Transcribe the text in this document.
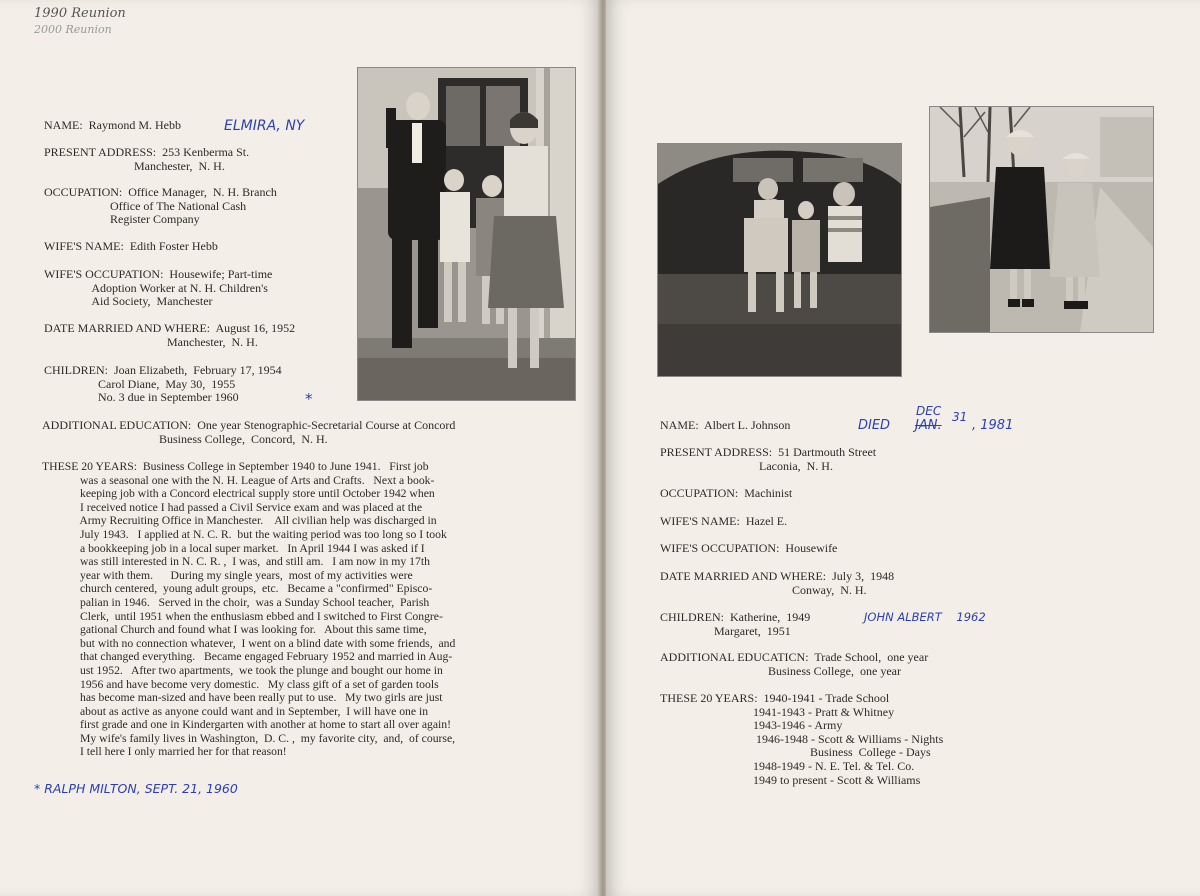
1990 Reunion
2000 Reunion
NAME:  Raymond M. Hebb	ELMIRA, NY
PRESENT ADDRESS:  253 Kenberma St.
Manchester,  N. H.
OCCUPATION:  Office Manager,  N. H. Branch
Office of The National Cash
Register Company
WIFE'S NAME:  Edith Foster Hebb
WIFE'S OCCUPATION:  Housewife; Part-time
Adoption Worker at N. H. Children's
Aid Society,  Manchester
DATE MARRIED AND WHERE:  August 16, 1952
Manchester,  N. H.
CHILDREN:  Joan Elizabeth,  February 17, 1954
Carol Diane,  May 30,  1955
No. 3 due in September 1960	*
ADDITIONAL EDUCATION:  One year Stenographic-Secretarial Course at Concord
Business College,  Concord,  N. H.
THESE 20 YEARS:  Business College in September 1940 to June 1941.   First job
was a seasonal one with the N. H. League of Arts and Crafts.   Next a book-
keeping job with a Concord electrical supply store until October 1942 when
I received notice I had passed a Civil Service exam and was placed at the
Army Recruiting Office in Manchester.    All civilian help was discharged in
July 1943.   I applied at N. C. R.  but the waiting period was too long so I took
a bookkeeping job in a local super market.   In April 1944 I was asked if I
was still interested in N. C. R. ,  I was,  and still am.   I am now in my 17th
year with them.      During my single years,  most of my activities were
church centered,  young adult groups,  etc.   Became a "confirmed" Episco-
palian in 1946.   Served in the choir,  was a Sunday School teacher,  Parish
Clerk,  until 1951 when the enthusiasm ebbed and I switched to First Congre-
gational Church and found what I was looking for.   About this same time,
but with no connection whatever,  I went on a blind date with some friends,  and
that changed everything.   Became engaged February 1952 and married in Aug-
ust 1952.   After two apartments,  we took the plunge and bought our home in
1956 and have become very domestic.   My class gift of a set of garden tools
has become man-sized and have been really put to use.   My two girls are just
about as active as anyone could want and in September,  I will have one in
first grade and one in Kindergarten with another at home to start all over again!
My wife's family lives in Washington,  D. C. ,  my favorite city,  and,  of course,
I tell here I only married her for that reason!
* RALPH MILTON, SEPT. 21, 1960
NAME:  Albert L. Johnson	DIED
DEC
JAN.
31
, 1981
PRESENT ADDRESS:  51 Dartmouth Street
Laconia,  N. H.
OCCUPATION:  Machinist
WIFE'S NAME:  Hazel E.
WIFE'S OCCUPATION:  Housewife
DATE MARRIED AND WHERE:  July 3,  1948
Conway,  N. H.
CHILDREN:  Katherine,  1949
Margaret,  1951
JOHN ALBERT    1962
ADDITIONAL EDUCATICN:  Trade School,  one year
Business College,  one year
THESE 20 YEARS:  1940-1941 - Trade School
1941-1943 - Pratt & Whitney
1943-1946 - Army
1946-1948 - Scott & Williams - Nights
Business  College - Days
1948-1949 - N. E. Tel. & Tel. Co.
1949 to present - Scott & Williams
